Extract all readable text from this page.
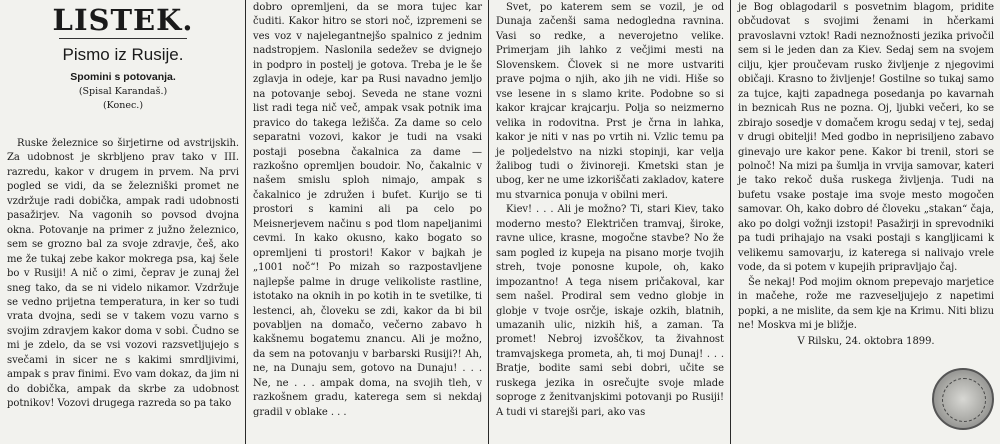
LISTEK.
Pismo iz Rusije.
Spomini s potovanja.
(Spisal Karandaš.)
(Konec.)

Ruske železnice so širjetirne od avstrijskih. Za udobnost je skrbljeno prav tako v III. razredu, kakor v drugem in prvem. Na prvi pogled se vidi, da se železniški promet ne vzdržuje radi dobička, ampak radi udobnosti pasažirjev. Na vagonih so povsod dvojna okna. Potovanje na primer z južno železnico, sem se grozno bal za svoje zdravje, češ, ako me že tukaj zebe kakor mokrega psa, kaj šele bo v Rusiji! A nič o zimi, čeprav je zunaj žel sneg tako, da se ni videlo nikamor. Vzdržuje se vedno prijetna temperatura, in ker so tudi vrata dvojna, sedi se v takem vozu varno s svojim zdravjem kakor doma v sobi. Čudno se mi je zdelo, da se vsi vozovi razsvetljujejo s svečami in sicer ne s kakimi smrdljivimi, ampak s prav finimi. Evo vam dokaz, da jim ni do dobička, ampak da skrbe za udobnost potnikov! Vozovi drugega razreda so pa tako

dobro opremljeni, da se mora tujec kar čuditi. Kakor hitro se stori noč, izpremeni se ves voz v najelegantnejšo spalnico z jednim nadstropjem. Naslonila sedežev se dvignejo in podpro in postelj je gotova. Treba je le še zglavja in odeje, kar pa Rusi navadno jemljo na potovanje seboj. Seveda ne stane vozni list radi tega nič več, ampak vsak potnik ima pravico do takega ležišča. Za dame so celo separatni vozovi, kakor je tudi na vsaki postaji posebna čakalnica za dame — razkošno opremljen boudoir. No, čakalnic v našem smislu sploh nimajo, ampak s čakalnico je združen i bufet. Kurijo se ti prostori s kamini ali pa celo po Meisnerjevem načinu s pod tlom napeljanimi cevmi. In kako okusno, kako bogato so opremljeni ti prostori! Kakor v bajkah je „1001 noč“! Po mizah so razpostavljene najlepše palme in druge velikoliste rastline, istotako na oknih in po kotih in te svetilke, ti lestenci, ah, človeku se zdi, kakor da bi bil povabljen na domačo, večerno zabavo h kakšnemu bogatemu znancu. Ali je možno, da sem na potovanju v barbarski Rusiji?! Ah, ne, na Dunaju sem, gotovo na Dunaju! . . . Ne, ne . . . ampak doma, na svojih tleh, v razkošnem gradu, katerega sem si nekdaj gradil v oblake . . .

Svet, po katerem sem se vozil, je od Dunaja začenši sama nedogledna ravnina. Vasi so redke, a neverojetno velike. Primerjam jih lahko z večjimi mesti na Slovenskem. Človek si ne more ustvariti prave pojma o njih, ako jih ne vidi. Hiše so vse lesene in s slamo krite. Podobne so si kakor krajcar krajcarju. Polja so neizmerno velika in rodovitna. Prst je črna in lahka, kakor je niti v nas po vrtih ni. Vzlic temu pa je poljedelstvo na nizki stopinji, kar velja žalibog tudi o živinoreji. Kmetski stan je ubog, ker ne ume izkoriščati zakladov, katere mu stvarnica ponuja v obilni meri.

Kiev! . . . Ali je možno? Ti, stari Kiev, tako moderno mesto? Električen tramvaj, široke, ravne ulice, krasne, mogočne stavbe? No že sam pogled iz kupeja na pisano morje tvojih streh, tvoje ponosne kupole, oh, kako impozantno! A tega nisem pričakoval, kar sem našel. Prodiral sem vedno globje in globje v tvoje osrčje, iskaje ozkih, blatnih, umazanih ulic, nizkih hiš, a zaman. Ta promet! Nebroj izvoščkov, ta živahnost tramvajskega prometa, ah, ti moj Dunaj! . . . Bratje, bodite sami sebi dobri, učite se ruskega jezika in osrečujte svoje mlade soproge z ženitvanjskimi potovanji po Rusiji! A tudi vi starejši pari, ako vas

je Bog oblagodaril s posvetnim blagom, pridite občudovat s svojimi ženami in hčerkami pravoslavni vztok! Radi neznožnosti jezika privočil sem si le jeden dan za Kiev. Sedaj sem na svojem cilju, kjer proučevam rusko življenje z njegovimi običaji. Krasno to življenje! Gostilne so tukaj samo za tujce, kajti zapadnega posedanja po kavarnah in beznicah Rus ne pozna. Oj, ljubki večeri, ko se zbirajo sosedje v domačem krogu sedaj v tej, sedaj v drugi obitelji! Med godbo in neprisiljeno zabavo ginevajo ure kakor pene. Kakor bi trenil, stori se polnoč! Na mizi pa šumlja in vrvija samovar, kateri je tako rekoč duša ruskega življenja. Tudi na bufetu vsake postaje ima svoje mesto mogočen samovar. Oh, kako dobro dé človeku „stakan“ čaja, ako po dolgi vožnji izstopi! Pasažirji in sprevodniki pa tudi prihajajo na vsaki postaji s kangljicami k velikemu samovarju, iz katerega si nalivajo vrele vode, da si potem v kupejih pripravljajo čaj.

Še nekaj! Pod mojim oknom prepevajo marjetice in mačehe, rože me razveseljujejo z napetimi popki, a ne mislite, da sem kje na Krimu. Niti blizu ne! Moskva mi je bližje.

V Rilsku, 24. oktobra 1899.
